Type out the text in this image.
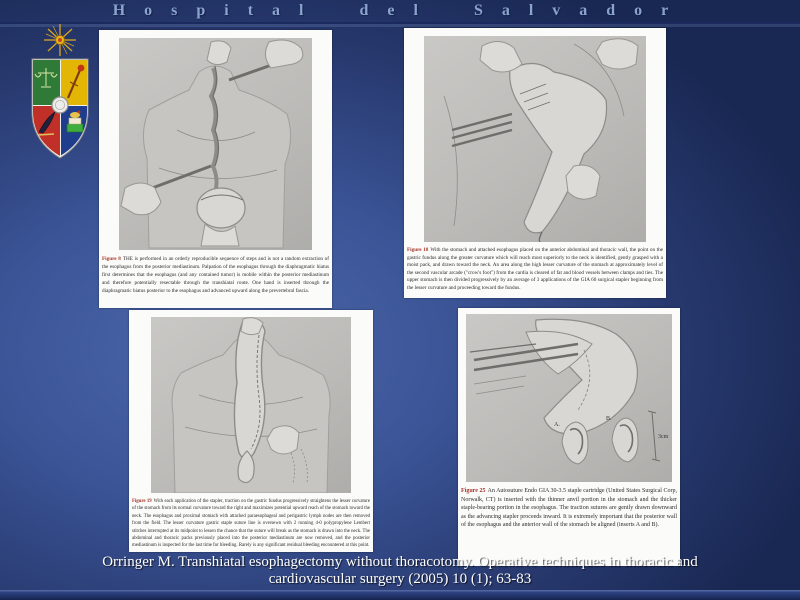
Hospital del Salvador
Figure 8 THE is performed in an orderly reproducible sequence of steps and is not a random extraction of the esophagus from the posterior mediastinum. Palpation of the esophagus through the diaphragmatic hiatus first determines that the esophagus (and any contained tumor) is mobile within the posterior mediastinum and therefore potentially resectable through the transhiatal route. One hand is inserted through the diaphragmatic hiatus posterior to the esophagus and advanced upward along the prevertebral fascia.
Figure 18 With the stomach and attached esophagus placed on the anterior abdominal and thoracic wall, the point on the gastric fundus along the greater curvature which will reach most superiorly to the neck is identified, gently grasped with a moist pack, and drawn toward the neck. An area along the high lesser curvature of the stomach at approximately level of the second vascular arcade ("crow's foot") from the cardia is cleared of fat and blood vessels between clamps and ties. The upper stomach is then divided progressively by an average of 3 applications of the GIA 60 surgical stapler beginning from the lesser curvature and proceeding toward the fundus.
Figure 19 With each application of the stapler, traction on the gastric fundus progressively straightens the lesser curvature of the stomach from its normal curvature toward the right and maximizes potential upward reach of the stomach toward the neck. The esophagus and proximal stomach with attached paraesophageal and perigastric lymph nodes are then removed from the field. The lesser curvature gastric staple suture line is oversewn with 2 running 4-0 polypropylene Lembert stitches interrupted at its midpoint to lessen the chance that the suture will break as the stomach is drawn into the neck. The abdominal and thoracic packs previously placed into the posterior mediastinum are now removed, and the posterior mediastinum is inspected for the last time for bleeding. Rarely is any significant residual bleeding encountered at this point.
A.
B.
3cm
Figure 25 An Autosuture Endo GIA 30-3.5 staple cartridge (United States Surgical Corp, Norwalk, CT) is inserted with the thinner anvil portion in the stomach and the thicker staple-bearing portion in the esophagus. The traction sutures are gently drawn downward as the advancing stapler proceeds inward. It is extremely important that the posterior wall of the esophagus and the anterior wall of the stomach be aligned (inserts A and B).
Orringer M. Transhiatal esophagectomy without thoracotomy. Operative techniques in thoracic and
cardiovascular surgery (2005) 10 (1); 63-83
